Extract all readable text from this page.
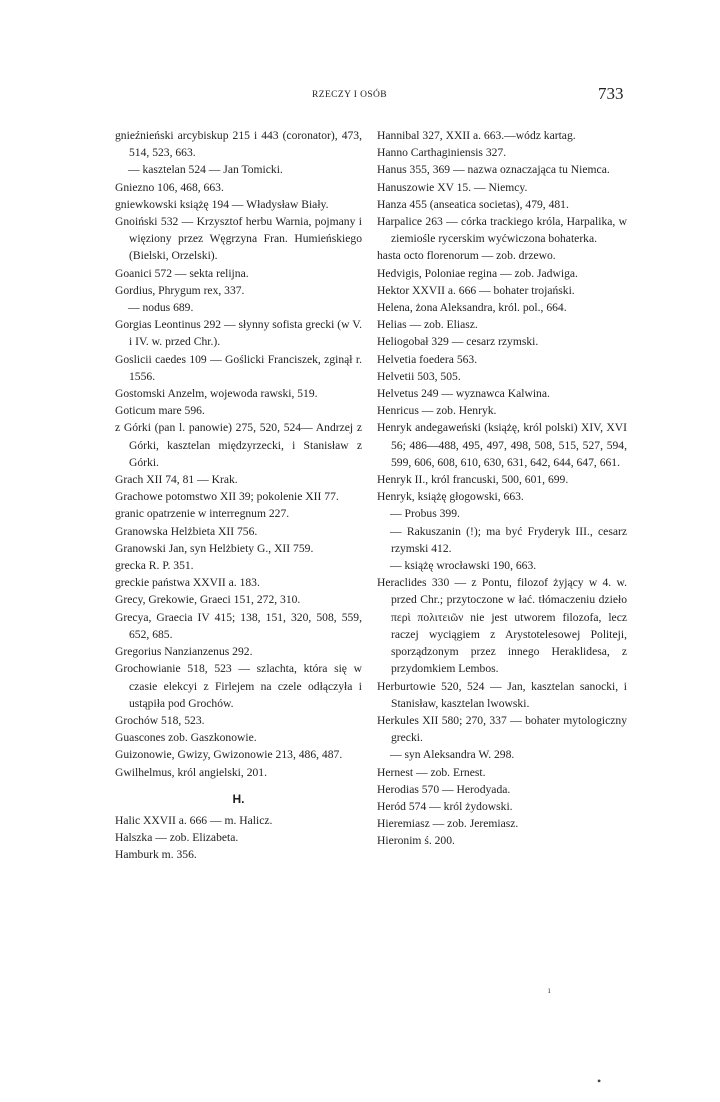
RZECZY I OSÓB	733

gnieźnieński arcybiskup 215 i 443 (coronator), 473, 514, 523, 663.

— kasztelan 524 — Jan Tomicki.

Gniezno 106, 468, 663.

gniewkowski książę 194 — Władysław Biały.

Gnoiński 532 — Krzysztof herbu Warnia, pojmany i więziony przez Węgrzyna Fran. Humieńskiego (Bielski, Orzelski).

Goanici 572 — sekta relijna.

Gordius, Phrygum rex, 337.

— nodus 689.

Gorgias Leontinus 292 — słynny sofista grecki (w V. i IV. w. przed Chr.).

Goslicii caedes 109 — Goślicki Franciszek, zginął r. 1556.

Gostomski Anzelm, wojewoda rawski, 519.

Goticum mare 596.

z Górki (pan l. panowie) 275, 520, 524— Andrzej z Górki, kasztelan międzyrzecki, i Stanisław z Górki.

Grach XII 74, 81 — Krak.

Grachowe potomstwo XII 39; pokolenie XII 77.

granic opatrzenie w interregnum 227.

Granowska Helżbieta XII 756.

Granowski Jan, syn Helżbiety G., XII 759.

grecka R. P. 351.

greckie państwa XXVII a. 183.

Grecy, Grekowie, Graeci 151, 272, 310.

Grecya, Graecia IV 415; 138, 151, 320, 508, 559, 652, 685.

Gregorius Nanzianzenus 292.

Grochowianie 518, 523 — szlachta, która się w czasie elekcyi z Firlejem na czele odłączyła i ustąpiła pod Grochów.

Grochów 518, 523.

Guascones zob. Gaszkonowie.

Guizonowie, Gwizy, Gwizonowie 213, 486, 487.

Gwilhelmus, król angielski, 201.

H.

Halic XXVII a. 666 — m. Halicz.

Halszka — zob. Elizabeta.

Hamburk m. 356.

Hannibal 327, XXII a. 663.—wódz kartag.

Hanno Carthaginiensis 327.

Hanus 355, 369 — nazwa oznaczająca tu Niemca.

Hanuszowie XV 15. — Niemcy.

Hanza 455 (anseatica societas), 479, 481.

Harpalice 263 — córka trackiego króla, Harpalika, w ziemioślе rycerskim wyćwiczona bohaterka.

hasta octo florenorum — zob. drzewo.

Hedvigis, Poloniae regina — zob. Jadwiga.

Hektor XXVII a. 666 — bohater trojański.

Helena, żona Aleksandra, król. pol., 664.

Helias — zob. Eliasz.

Heliogobał 329 — cesarz rzymski.

Helvetia foedera 563.

Helvetii 503, 505.

Helvetus 249 — wyznawca Kalwina.

Henricus — zob. Henryk.

Henryk andegaweński (książę, król polski) XIV, XVI 56; 486—488, 495, 497, 498, 508, 515, 527, 594, 599, 606, 608, 610, 630, 631, 642, 644, 647, 661.

Henryk II., król francuski, 500, 601, 699.

Henryk, książę głogowski, 663.

— Probus 399.

— Rakuszanin (!); ma być Fryderyk III., cesarz rzymski 412.

— książę wrocławski 190, 663.

Heraclides 330 — z Pontu, filozof żyjący w 4. w. przed Chr.; przytoczone w łać. tłómaczeniu dzieło περὶ πολιτειῶν nie jest utworem filozofa, lecz raczej wyciągiem z Arystotelesowej Politeji, sporządzonym przez innego Heraklidesa, z przydomkiem Lembos.

Herburtowie 520, 524 — Jan, kasztelan sanocki, i Stanisław, kasztelan lwowski.

Herkules XII 580; 270, 337 — bohater mytologiczny grecki.

— syn Aleksandra W. 298.

Hernest — zob. Ernest.

Herodias 570 — Herodyada.

Heród 574 — król żydowski.

Hieremiasz — zob. Jeremiasz.

Hieronim ś. 200.

ı
•
